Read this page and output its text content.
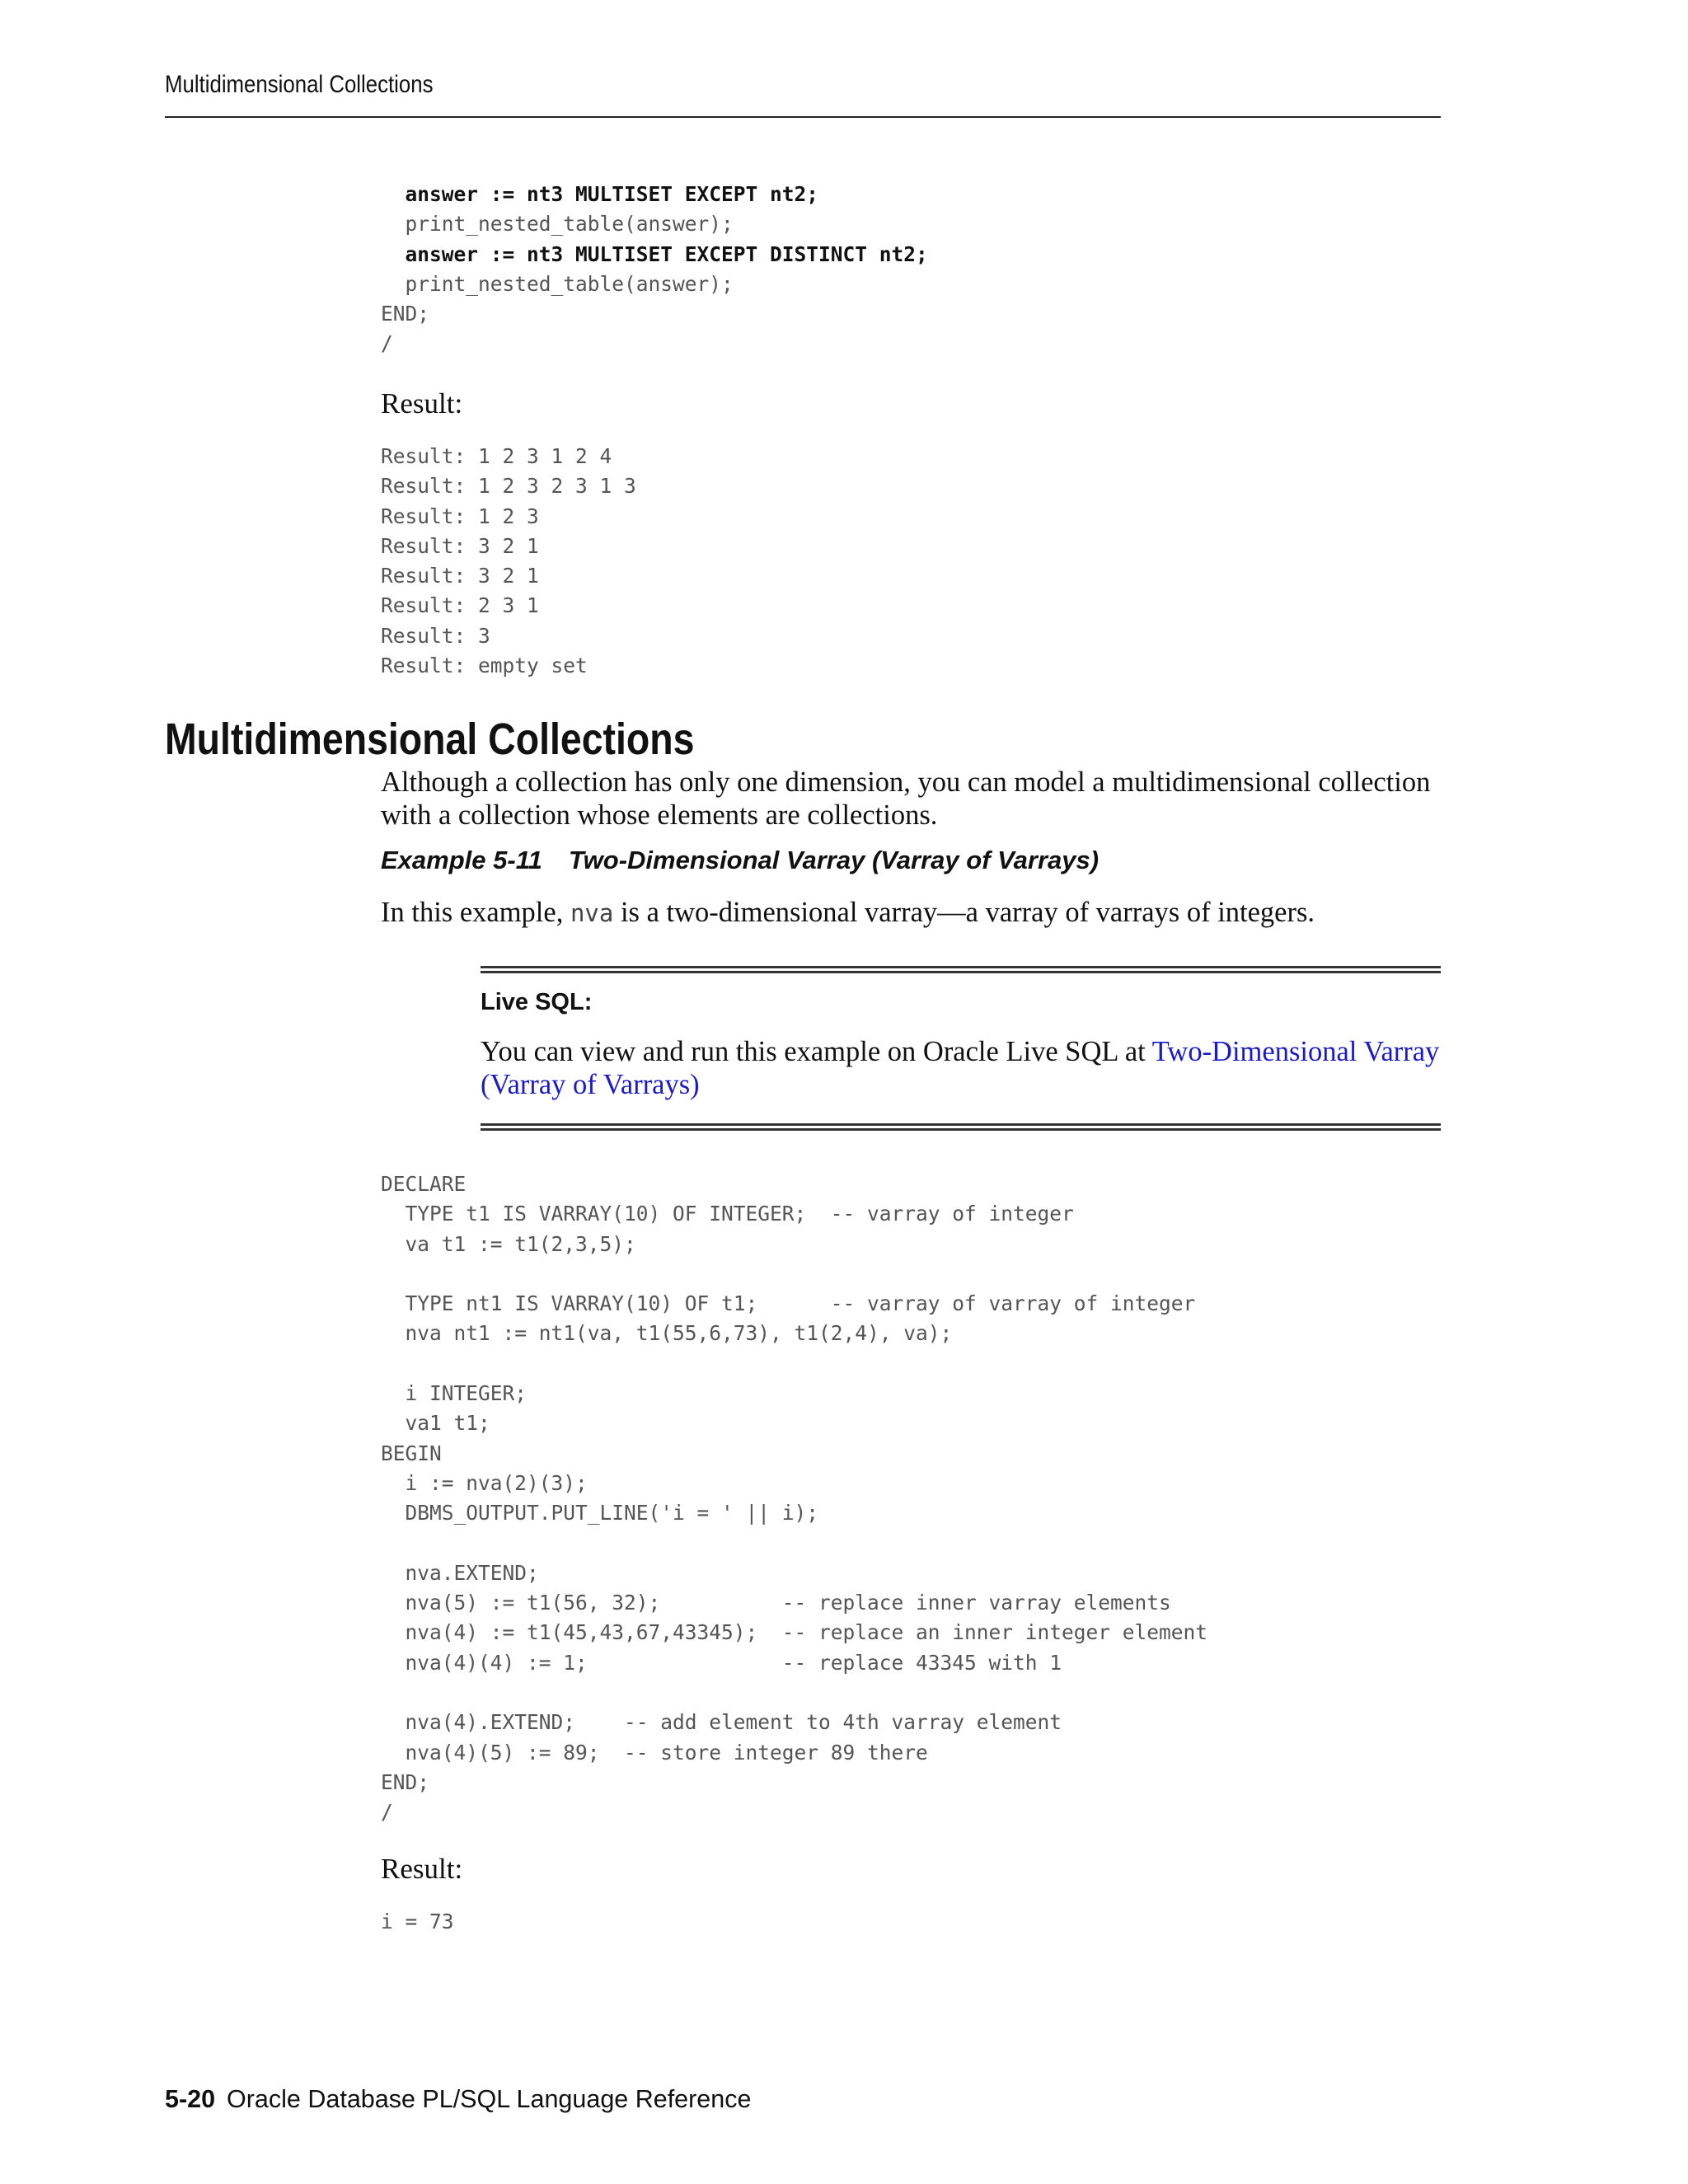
Multidimensional Collections
answer := nt3 MULTISET EXCEPT nt2;
print_nested_table(answer);
answer := nt3 MULTISET EXCEPT DISTINCT nt2;
print_nested_table(answer);
END;
/
Result:
Result: 1 2 3 1 2 4
Result: 1 2 3 2 3 1 3
Result: 1 2 3
Result: 3 2 1
Result: 3 2 1
Result: 2 3 1
Result: 3
Result: empty set
Multidimensional Collections

Although a collection has only one dimension, you can model a multidimensional collection with a collection whose elements are collections.

Example 5-11 Two-Dimensional Varray (Varray of Varrays)

In this example, nva is a two-dimensional varray—a varray of varrays of integers.

Live SQL:

You can view and run this example on Oracle Live SQL at Two-Dimensional Varray (Varray of Varrays)

DECLARE
TYPE t1 IS VARRAY(10) OF INTEGER;  -- varray of integer
va t1 := t1(2,3,5);

TYPE nt1 IS VARRAY(10) OF t1;      -- varray of varray of integer
nva nt1 := nt1(va, t1(55,6,73), t1(2,4), va);

i INTEGER;
va1 t1;
BEGIN
i := nva(2)(3);
DBMS_OUTPUT.PUT_LINE('i = ' || i);

nva.EXTEND;
nva(5) := t1(56, 32);          -- replace inner varray elements
nva(4) := t1(45,43,67,43345);  -- replace an inner integer element
nva(4)(4) := 1;                -- replace 43345 with 1

nva(4).EXTEND;    -- add element to 4th varray element
nva(4)(5) := 89;  -- store integer 89 there
END;
/
Result:
i = 73
5-20 Oracle Database PL/SQL Language Reference
